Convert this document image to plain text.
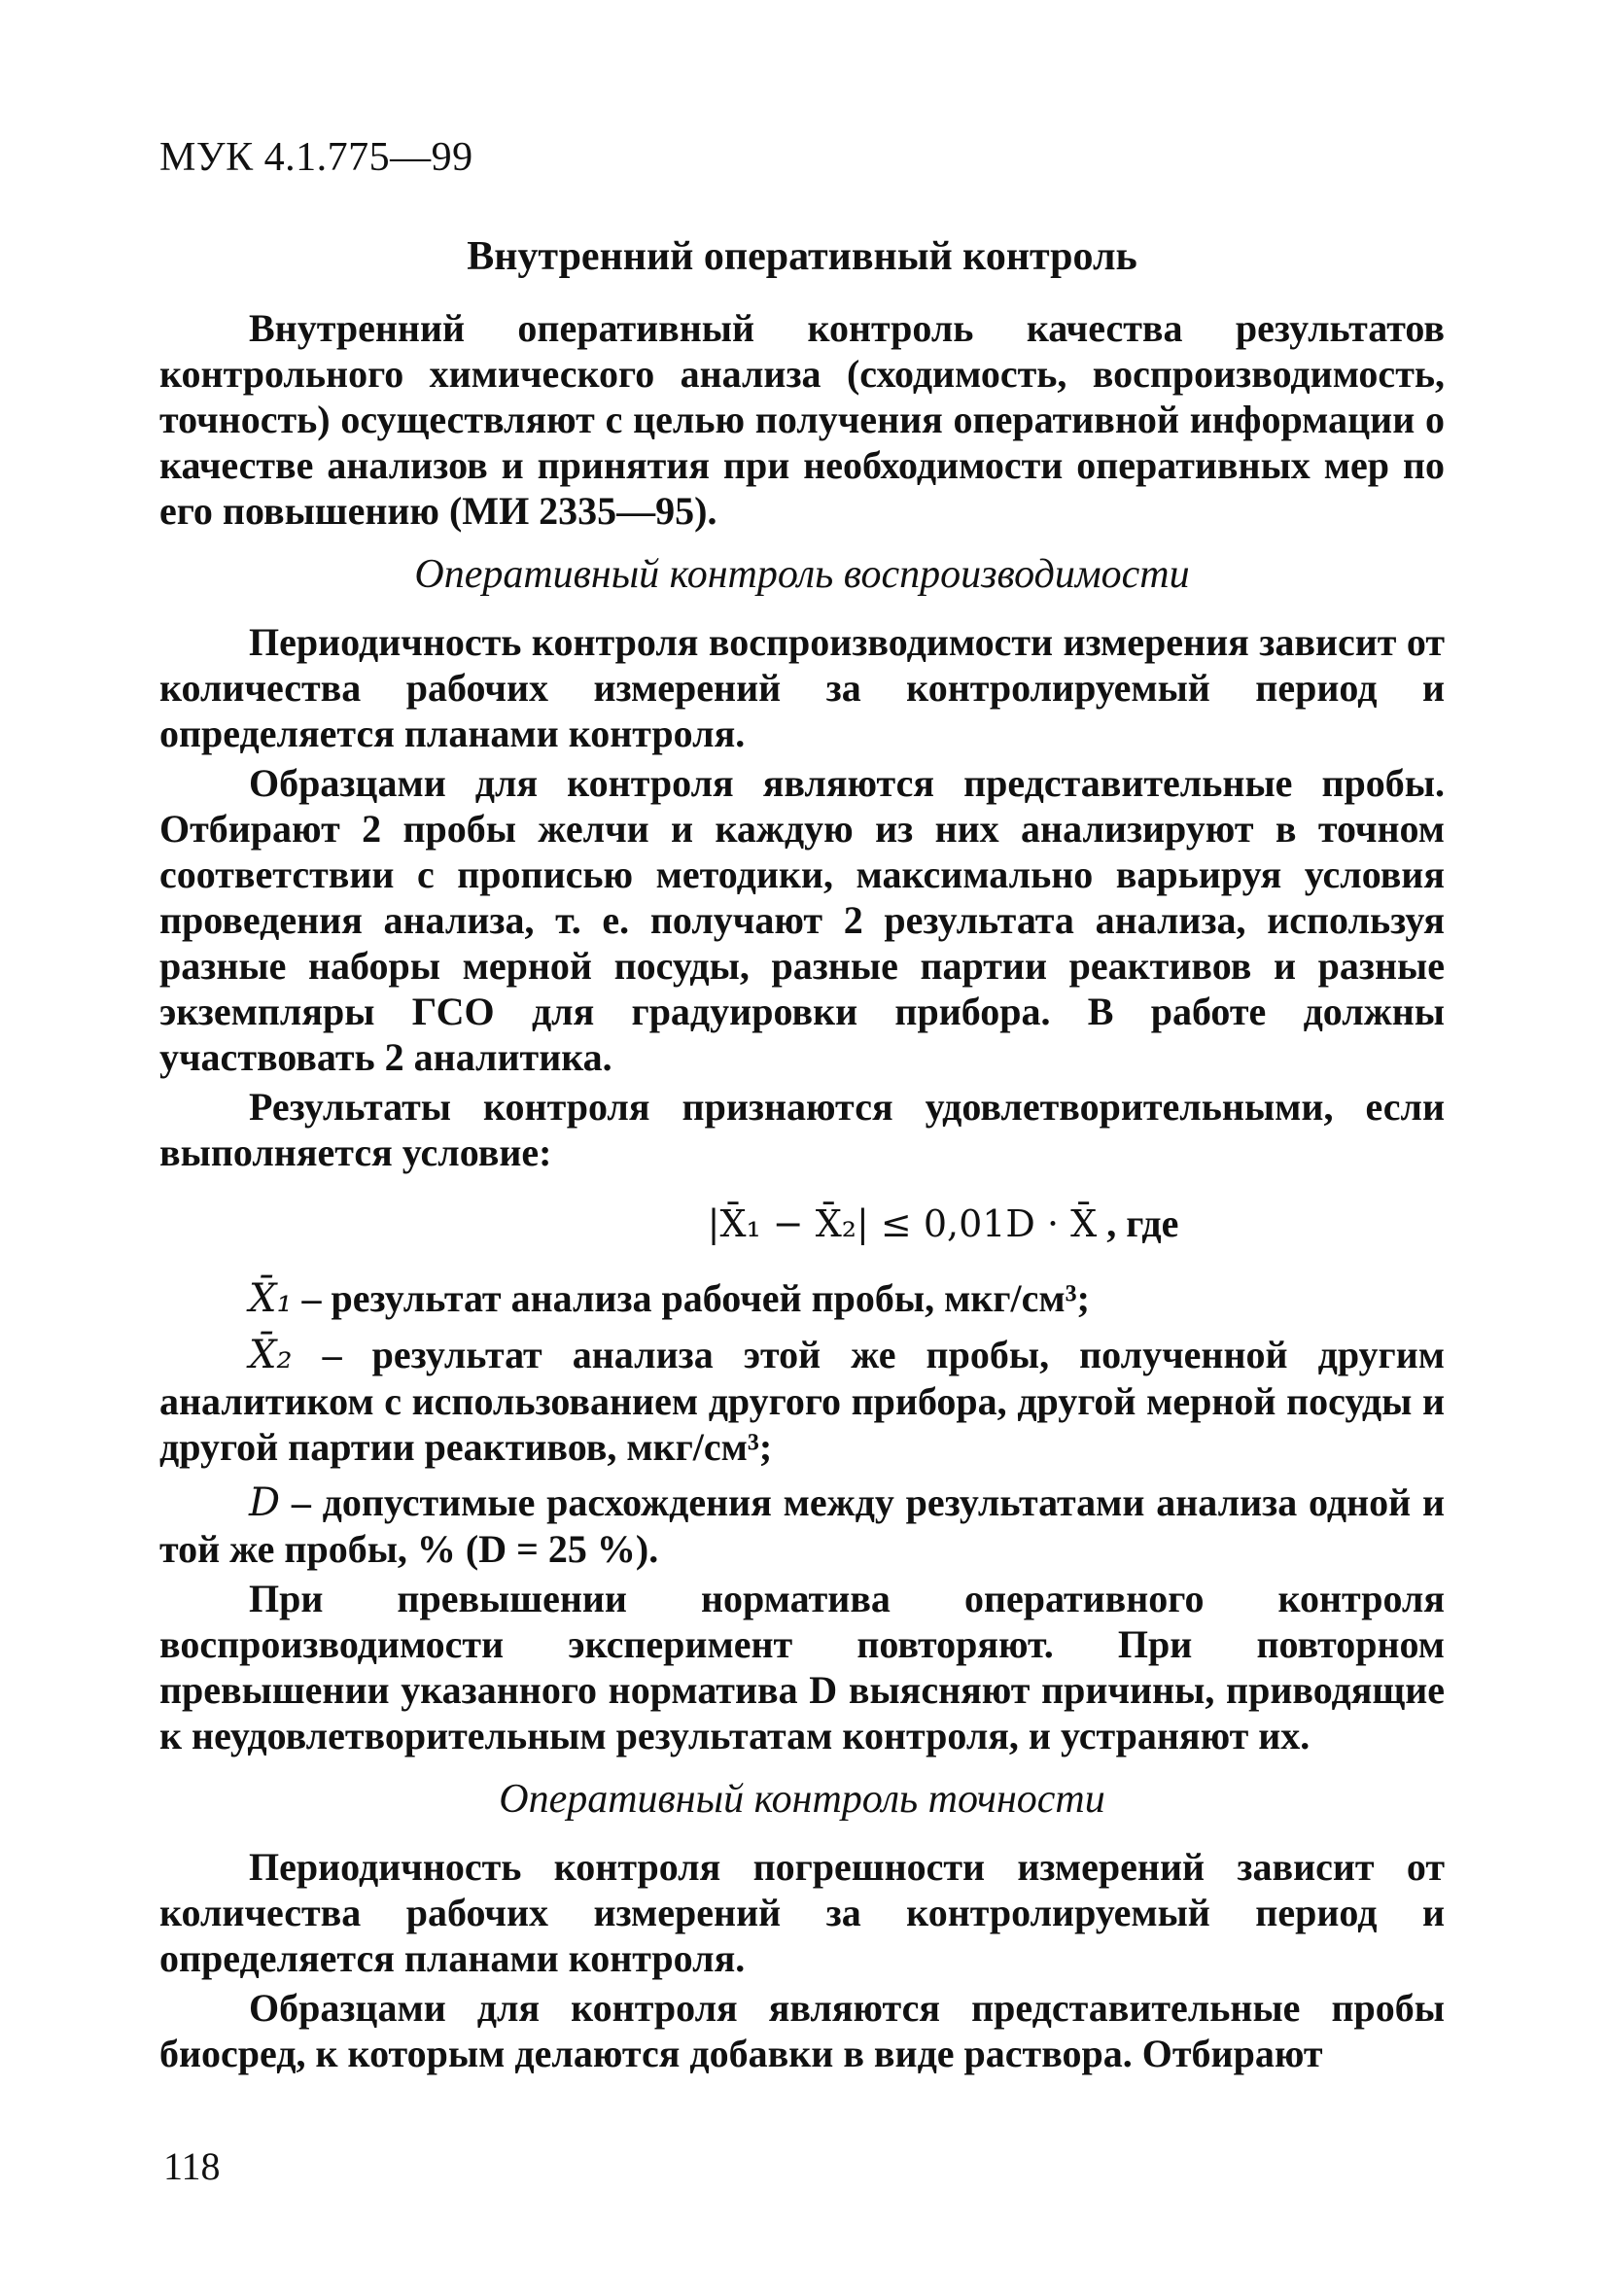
МУК 4.1.775—99
Внутренний оперативный контроль

Внутренний оперативный контроль качества результатов контрольного химического анализа (сходимость, воспроизводимость, точность) осуществляют с целью получения оперативной информации о качестве анализов и принятия при необходимости оперативных мер по его повышению (МИ 2335—95).

Оперативный контроль воспроизводимости

Периодичность контроля воспроизводимости измерения зависит от количества рабочих измерений за контролируемый период и определяется планами контроля.

Образцами для контроля являются представительные пробы. Отбирают 2 пробы желчи и каждую из них анализируют в точном соответствии с прописью методики, максимально варьируя условия проведения анализа, т. е. получают 2 результата анализа, используя разные наборы мерной посуды, разные партии реактивов и разные экземпляры ГСО для градуировки прибора. В работе должны участвовать 2 аналитика.

Результаты контроля признаются удовлетворительными, если выполняется условие:

|X̄₁ − X̄₂| ≤ 0,01D · X̄ , где

X̄₁ – результат анализа рабочей пробы, мкг/см³;

X̄₂ – результат анализа этой же пробы, полученной другим аналитиком с использованием другого прибора, другой мерной посуды и другой партии реактивов, мкг/см³;

D – допустимые расхождения между результатами анализа одной и той же пробы, % (D = 25 %).

При превышении норматива оперативного контроля воспроизводимости эксперимент повторяют. При повторном превышении указанного норматива D выясняют причины, приводящие к неудовлетворительным результатам контроля, и устраняют их.

Оперативный контроль точности

Периодичность контроля погрешности измерений зависит от количества рабочих измерений за контролируемый период и определяется планами контроля.

Образцами для контроля являются представительные пробы биосред, к которым делаются добавки в виде раствора. Отбирают

118
